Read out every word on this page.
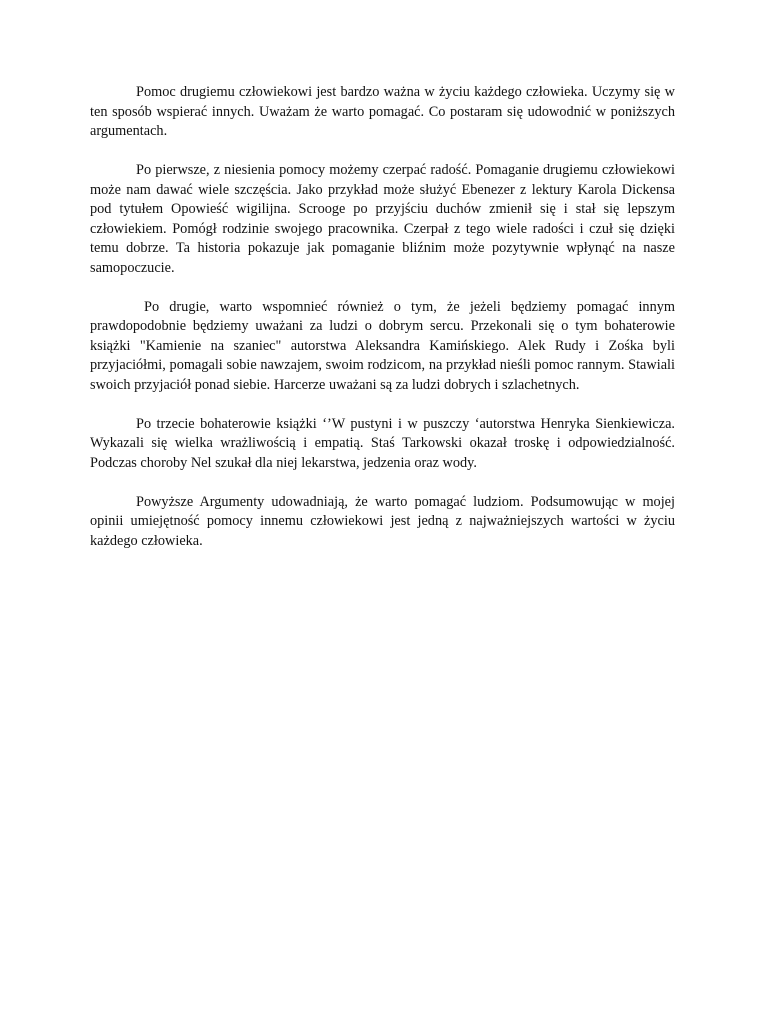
Pomoc drugiemu człowiekowi jest bardzo ważna w życiu każdego człowieka. Uczymy się w ten sposób wspierać innych. Uważam że warto pomagać. Co postaram się udowodnić w poniższych argumentach.

Po pierwsze, z niesienia pomocy możemy czerpać radość. Pomaganie drugiemu człowiekowi może nam dawać wiele szczęścia. Jako przykład może służyć Ebenezer z lektury Karola Dickensa pod tytułem Opowieść wigilijna. Scrooge po przyjściu duchów zmienił się i stał się lepszym człowiekiem. Pomógł rodzinie swojego pracownika. Czerpał z tego wiele radości i czuł się dzięki temu dobrze. Ta historia pokazuje jak pomaganie bliźnim może pozytywnie wpłynąć na nasze samopoczucie.

Po drugie, warto wspomnieć również o tym, że jeżeli będziemy pomagać innym prawdopodobnie będziemy uważani za ludzi o dobrym sercu. Przekonali się o tym bohaterowie książki "Kamienie na szaniec" autorstwa Aleksandra Kamińskiego. Alek Rudy i Zośka byli przyjaciółmi, pomagali sobie nawzajem, swoim rodzicom, na przykład nieśli pomoc rannym. Stawiali swoich przyjaciół ponad siebie. Harcerze uważani są za ludzi dobrych i szlachetnych.

Po trzecie bohaterowie książki ‘’W pustyni i w puszczy ‘autorstwa Henryka Sienkiewicza. Wykazali się wielka wrażliwością i empatią. Staś Tarkowski okazał troskę i odpowiedzialność. Podczas choroby Nel szukał dla niej lekarstwa, jedzenia oraz wody.

Powyższe Argumenty udowadniają, że warto pomagać ludziom. Podsumowując w mojej opinii umiejętność pomocy innemu człowiekowi jest jedną z najważniejszych wartości w życiu każdego człowieka.
